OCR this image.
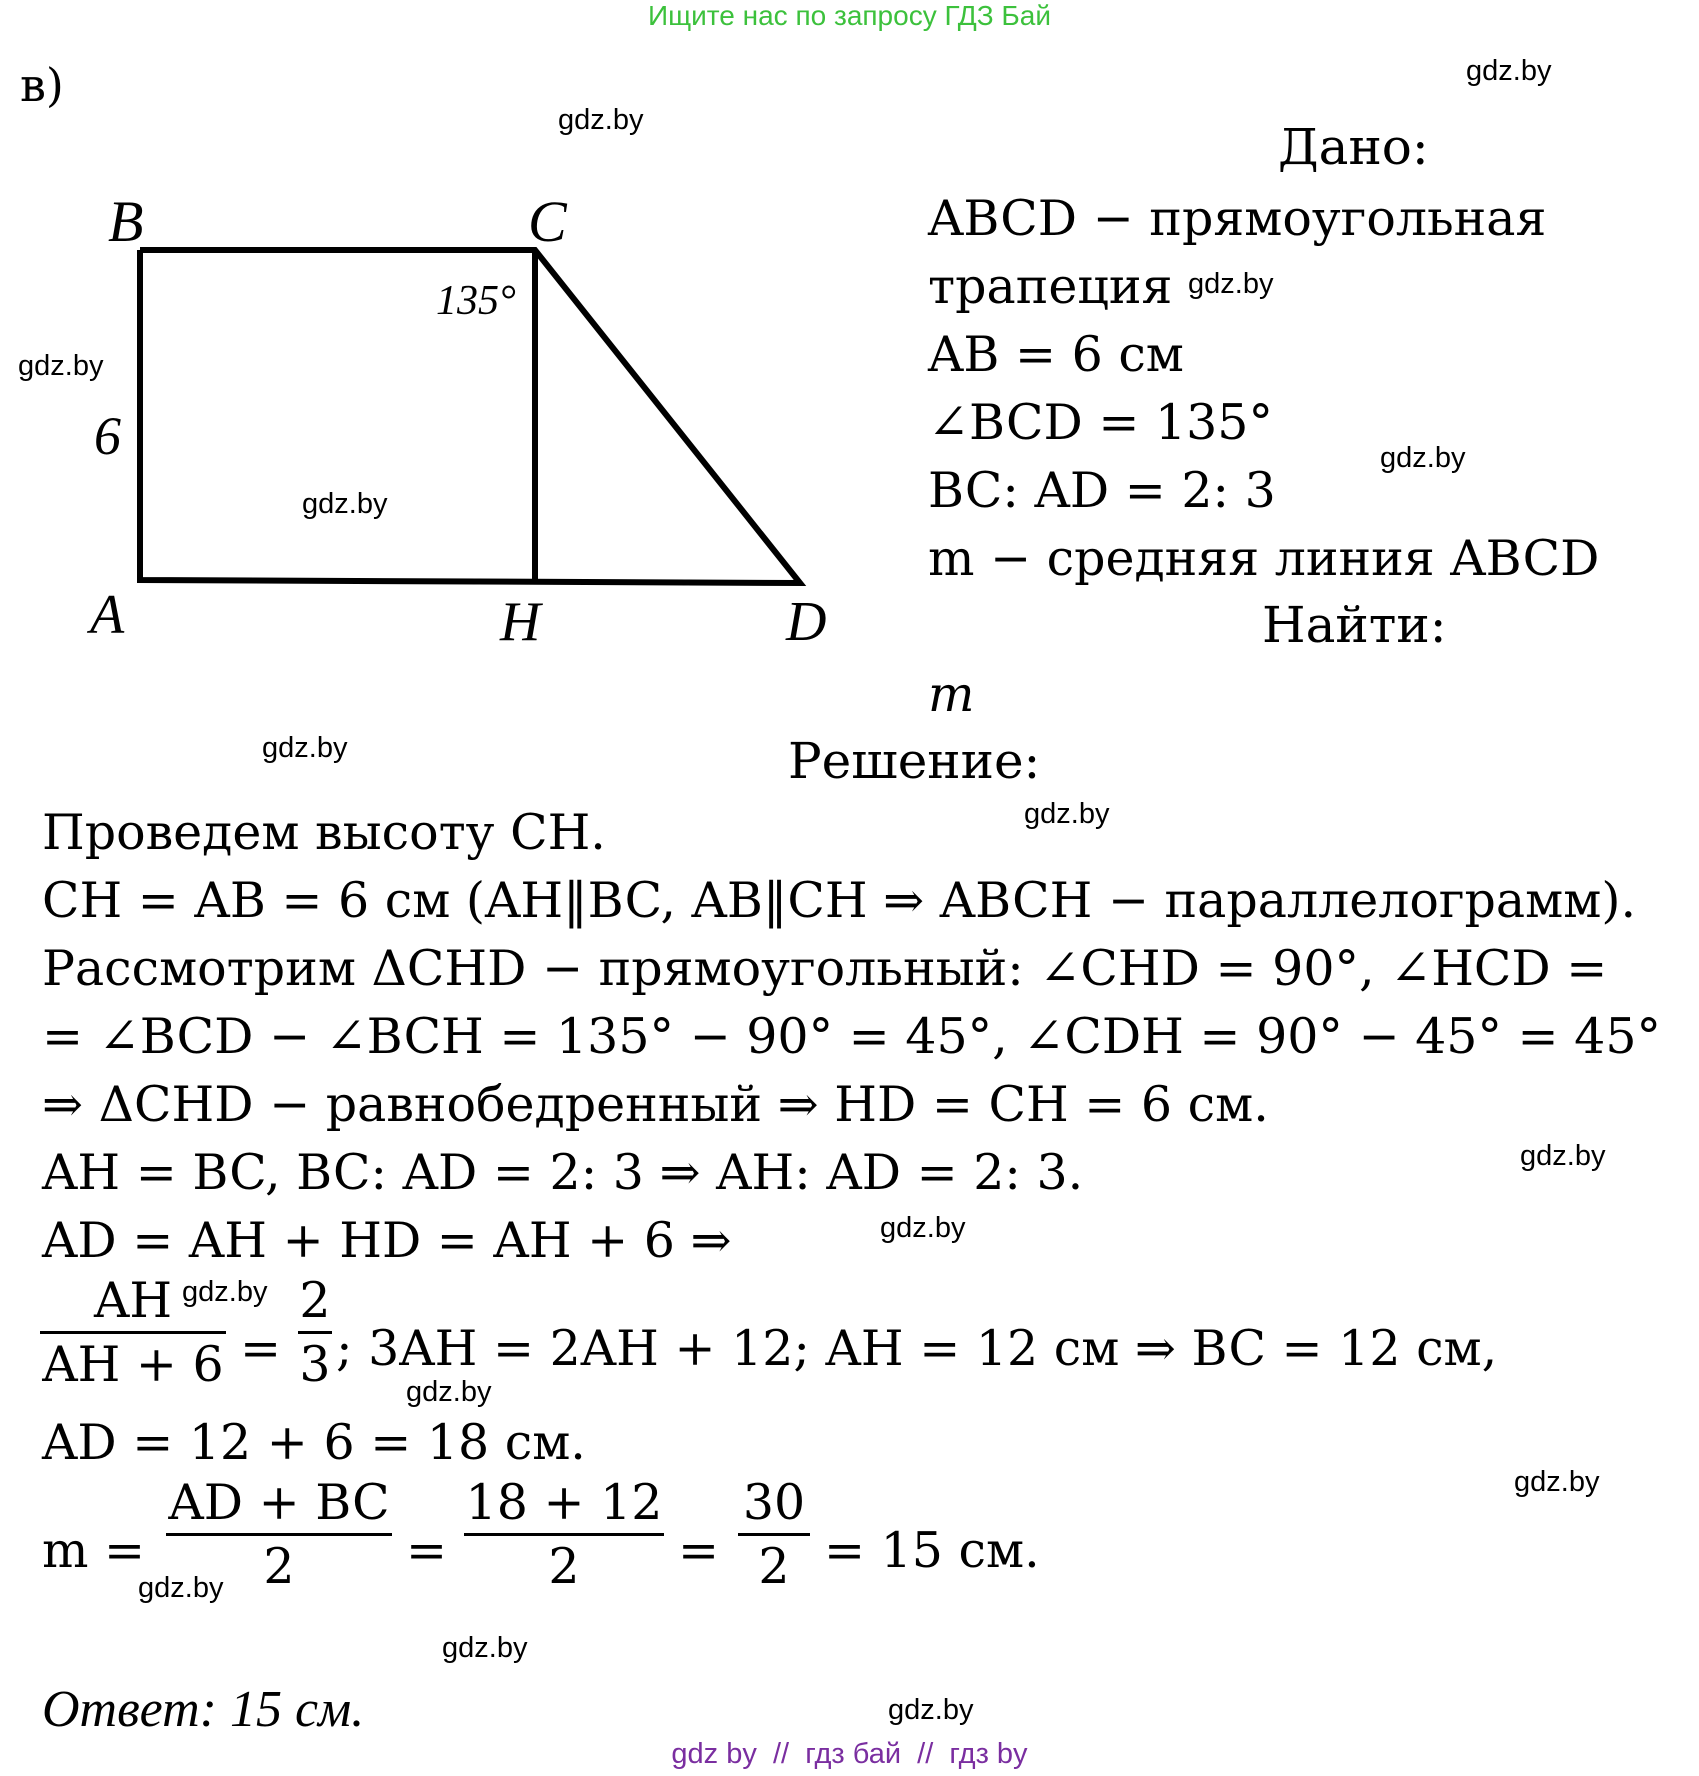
Ищите нас по запросу ГДЗ Бай
в)
B	C
A	H	D
135°
6
Дано:
ABCD − прямоугольная
трапеция
AB = 6 см
∠BCD = 135°
BC: AD = 2: 3
m − средняя линия ABCD
Найти:
m
Решение:
Проведем высоту CH.
CH = AB = 6 см (AH‖BC, AB‖CH ⇒ ABCH − параллелограмм).
Рассмотрим ΔCHD − прямоугольный: ∠CHD = 90°, ∠HCD =
= ∠BCD − ∠BCH = 135° − 90° = 45°, ∠CDH = 90° − 45° = 45°
⇒ ΔCHD − равнобедренный ⇒ HD = CH = 6 см.
AH = BC, BC: AD = 2: 3 ⇒ AH: AD = 2: 3.
AD = AH + HD = AH + 6 ⇒
$\frac{AH}{AH + 6} = \frac{2}{3}$ ; 3AH = 2AH + 12; AH = 12 см ⇒ BC = 12 см,
AD = 12 + 6 = 18 см.
$m = \frac{AD + BC}{2} = \frac{18 + 12}{2} = \frac{30}{2} = 15$ см.
Ответ: 15 см.
gdz.by
gdz.by
gdz.by
gdz.by
gdz.by
gdz.by
gdz.by
gdz.by
gdz.by
gdz.by
gdz.by
gdz.by
gdz.by
gdz.by
gdz.by
gdz.by
gdz by  //  гдз бай  //  гдз by
